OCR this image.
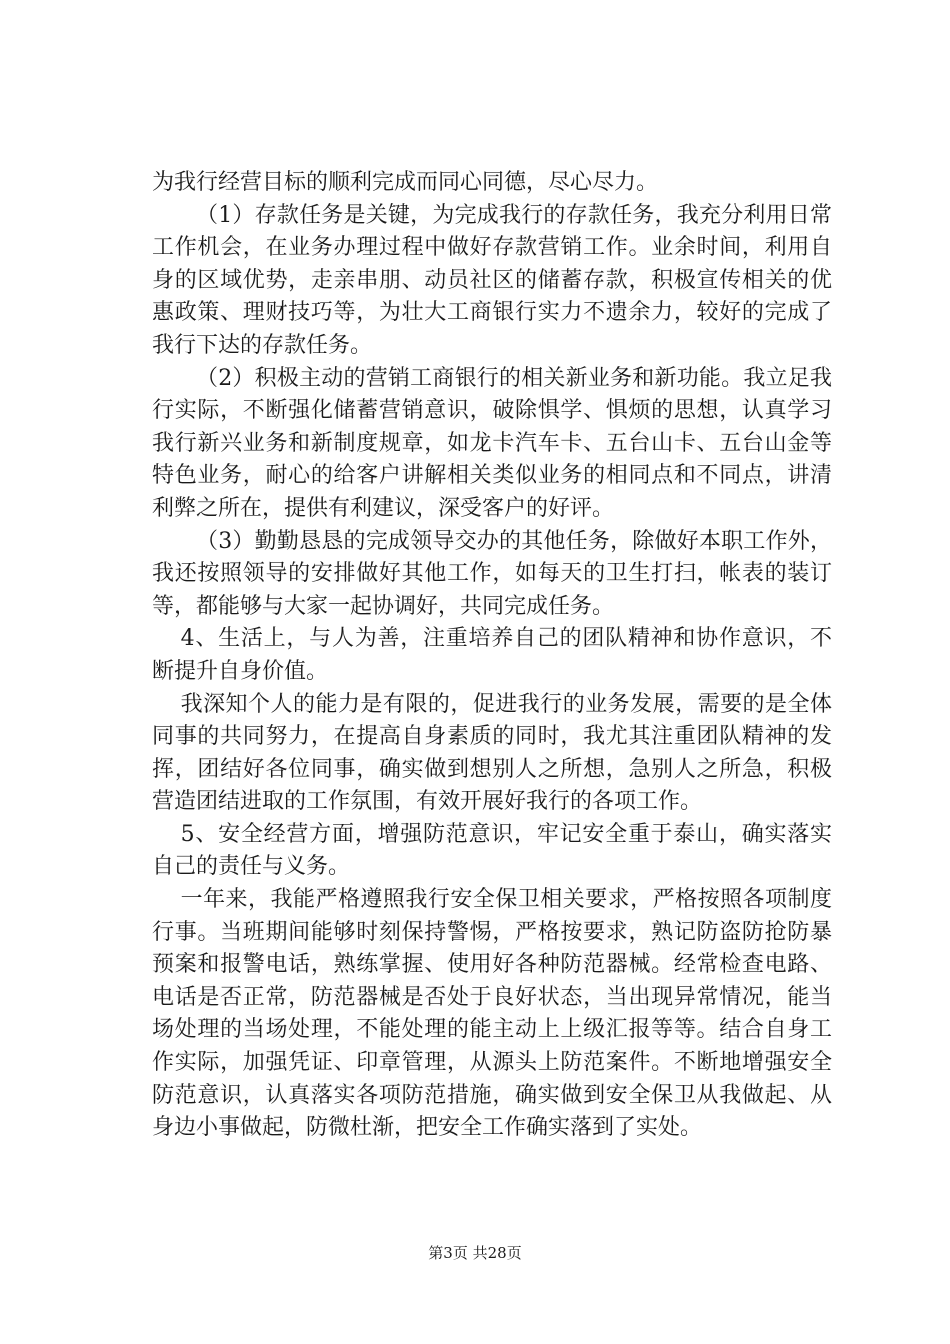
为我行经营目标的顺利完成而同心同德，尽心尽力。

（1）存款任务是关键，为完成我行的存款任务，我充分利用日常工作机会，在业务办理过程中做好存款营销工作。业余时间，利用自身的区域优势，走亲串朋、动员社区的储蓄存款，积极宣传相关的优惠政策、理财技巧等，为壮大工商银行实力不遗余力，较好的完成了我行下达的存款任务。

（2）积极主动的营销工商银行的相关新业务和新功能。我立足我行实际，不断强化储蓄营销意识，破除惧学、惧烦的思想，认真学习我行新兴业务和新制度规章，如龙卡汽车卡、五台山卡、五台山金等特色业务，耐心的给客户讲解相关类似业务的相同点和不同点，讲清利弊之所在，提供有利建议，深受客户的好评。

（3）勤勤恳恳的完成领导交办的其他任务，除做好本职工作外，我还按照领导的安排做好其他工作，如每天的卫生打扫，帐表的装订等，都能够与大家一起协调好，共同完成任务。

4、生活上，与人为善，注重培养自己的团队精神和协作意识，不断提升自身价值。

我深知个人的能力是有限的，促进我行的业务发展，需要的是全体同事的共同努力，在提高自身素质的同时，我尤其注重团队精神的发挥，团结好各位同事，确实做到想别人之所想，急别人之所急，积极营造团结进取的工作氛围，有效开展好我行的各项工作。

5、安全经营方面，增强防范意识，牢记安全重于泰山，确实落实自己的责任与义务。

一年来，我能严格遵照我行安全保卫相关要求，严格按照各项制度行事。当班期间能够时刻保持警惕，严格按要求，熟记防盗防抢防暴预案和报警电话，熟练掌握、使用好各种防范器械。经常检查电路、电话是否正常，防范器械是否处于良好状态，当出现异常情况，能当场处理的当场处理，不能处理的能主动上上级汇报等等。结合自身工作实际，加强凭证、印章管理，从源头上防范案件。不断地增强安全防范意识，认真落实各项防范措施，确实做到安全保卫从我做起、从身边小事做起，防微杜渐，把安全工作确实落到了实处。

第3页 共28页
